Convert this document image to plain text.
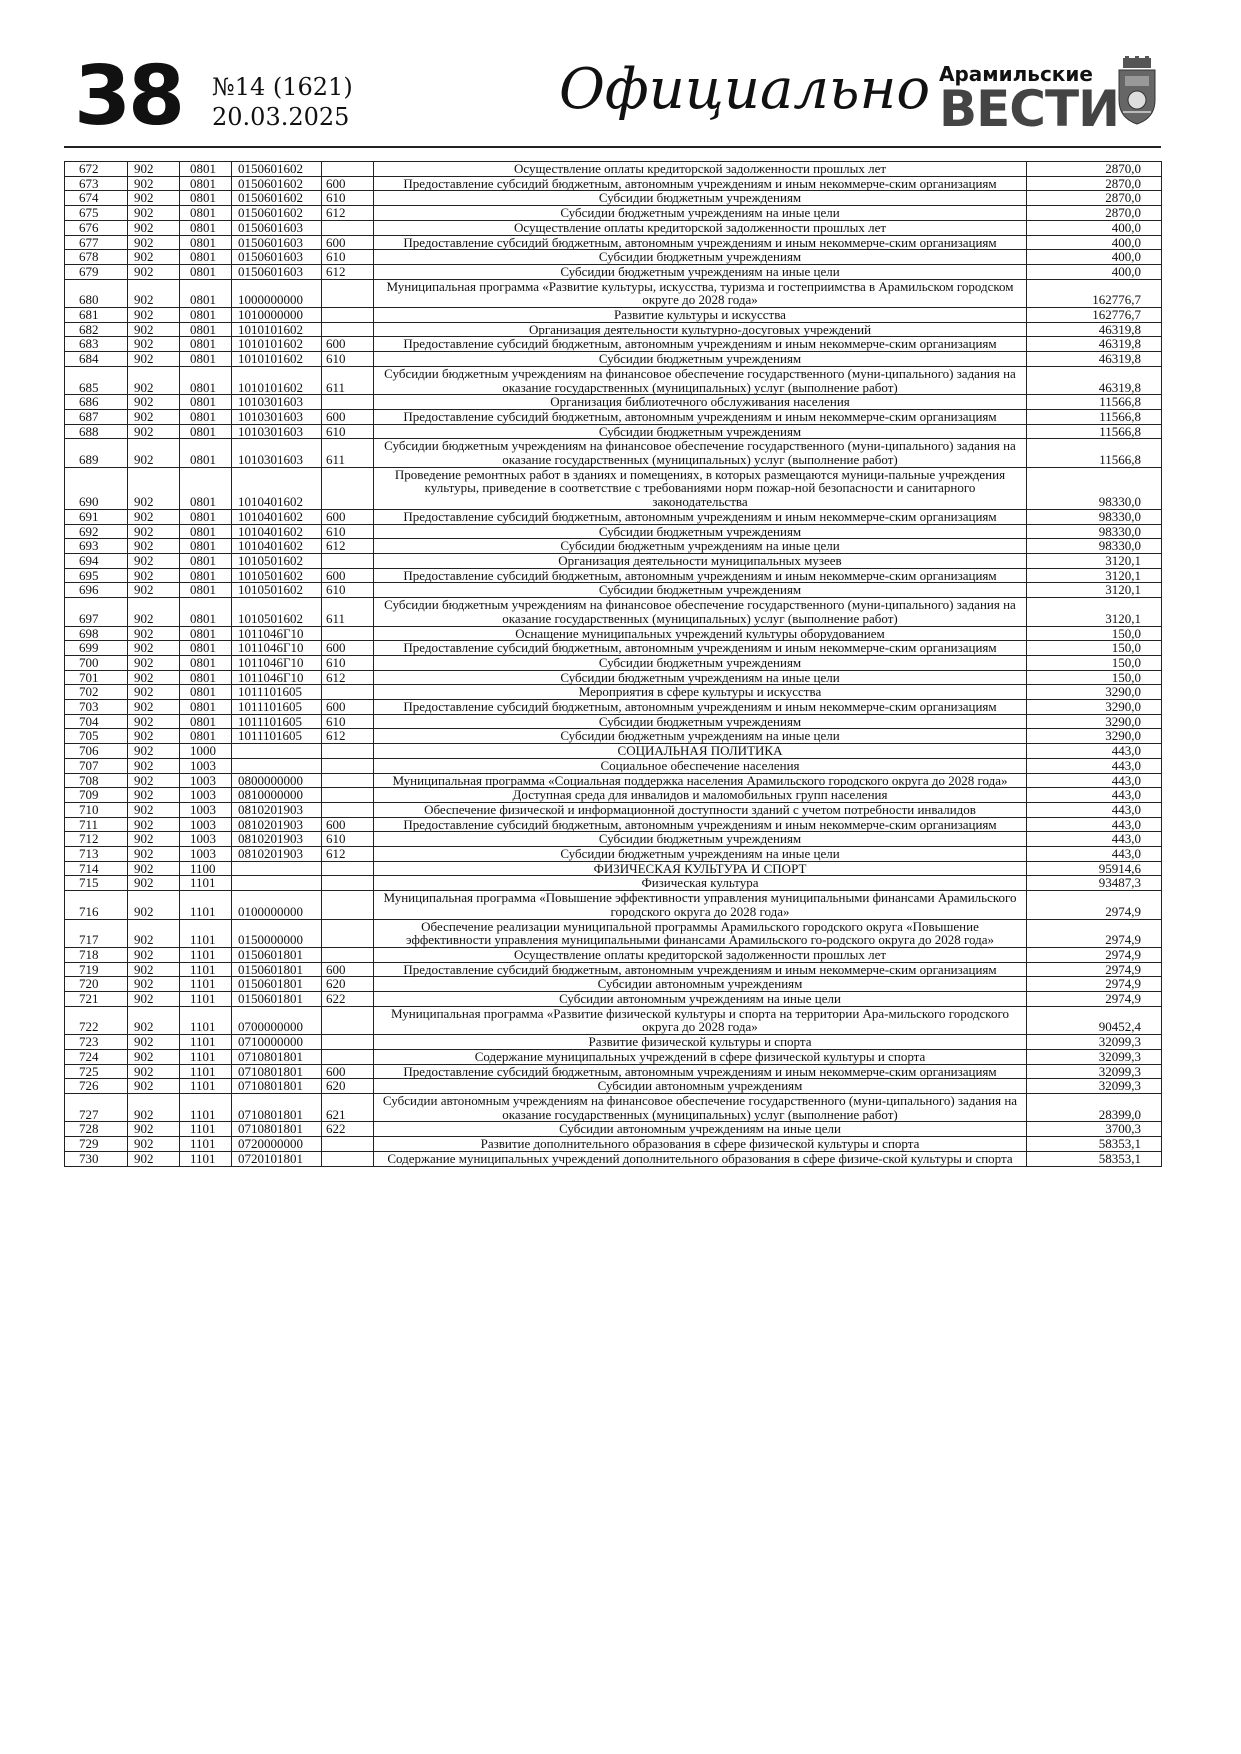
38 №14 (1621)
20.03.2025	Официально Арамильские
ВЕСТИ
672	902	0801	0150601602		Осуществление оплаты кредиторской задолженности прошлых лет	2870,0
673	902	0801	0150601602	600	Предоставление субсидий бюджетным, автономным учреждениям и иным некоммерче-ским организациям	2870,0
674	902	0801	0150601602	610	Субсидии бюджетным учреждениям	2870,0
675	902	0801	0150601602	612	Субсидии бюджетным учреждениям на иные цели	2870,0
676	902	0801	0150601603		Осуществление оплаты кредиторской задолженности прошлых лет	400,0
677	902	0801	0150601603	600	Предоставление субсидий бюджетным, автономным учреждениям и иным некоммерче-ским организациям	400,0
678	902	0801	0150601603	610	Субсидии бюджетным учреждениям	400,0
679	902	0801	0150601603	612	Субсидии бюджетным учреждениям на иные цели	400,0
680	902	0801	1000000000		Муниципальная программа «Развитие культуры, искусства, туризма и гостеприимства в Арамильском городском округе до 2028 года»	162776,7
681	902	0801	1010000000		Развитие культуры и искусства	162776,7
682	902	0801	1010101602		Организация деятельности культурно-досуговых учреждений	46319,8
683	902	0801	1010101602	600	Предоставление субсидий бюджетным, автономным учреждениям и иным некоммерче-ским организациям	46319,8
684	902	0801	1010101602	610	Субсидии бюджетным учреждениям	46319,8
685	902	0801	1010101602	611	Субсидии бюджетным учреждениям на финансовое обеспечение государственного (муни-ципального) задания на оказание государственных (муниципальных) услуг (выполнение работ)	46319,8
686	902	0801	1010301603		Организация библиотечного обслуживания населения	11566,8
687	902	0801	1010301603	600	Предоставление субсидий бюджетным, автономным учреждениям и иным некоммерче-ским организациям	11566,8
688	902	0801	1010301603	610	Субсидии бюджетным учреждениям	11566,8
689	902	0801	1010301603	611	Субсидии бюджетным учреждениям на финансовое обеспечение государственного (муни-ципального) задания на оказание государственных (муниципальных) услуг (выполнение работ)	11566,8
690	902	0801	1010401602		Проведение ремонтных работ в зданиях и помещениях, в которых размещаются муници-пальные учреждения культуры, приведение в соответствие с требованиями норм пожар-ной безопасности и санитарного законодательства	98330,0
691	902	0801	1010401602	600	Предоставление субсидий бюджетным, автономным учреждениям и иным некоммерче-ским организациям	98330,0
692	902	0801	1010401602	610	Субсидии бюджетным учреждениям	98330,0
693	902	0801	1010401602	612	Субсидии бюджетным учреждениям на иные цели	98330,0
694	902	0801	1010501602		Организация деятельности муниципальных музеев	3120,1
695	902	0801	1010501602	600	Предоставление субсидий бюджетным, автономным учреждениям и иным некоммерче-ским организациям	3120,1
696	902	0801	1010501602	610	Субсидии бюджетным учреждениям	3120,1
697	902	0801	1010501602	611	Субсидии бюджетным учреждениям на финансовое обеспечение государственного (муни-ципального) задания на оказание государственных (муниципальных) услуг (выполнение работ)	3120,1
698	902	0801	1011046Г10		Оснащение муниципальных учреждений культуры оборудованием	150,0
699	902	0801	1011046Г10	600	Предоставление субсидий бюджетным, автономным учреждениям и иным некоммерче-ским организациям	150,0
700	902	0801	1011046Г10	610	Субсидии бюджетным учреждениям	150,0
701	902	0801	1011046Г10	612	Субсидии бюджетным учреждениям на иные цели	150,0
702	902	0801	1011101605		Мероприятия в сфере культуры и искусства	3290,0
703	902	0801	1011101605	600	Предоставление субсидий бюджетным, автономным учреждениям и иным некоммерче-ским организациям	3290,0
704	902	0801	1011101605	610	Субсидии бюджетным учреждениям	3290,0
705	902	0801	1011101605	612	Субсидии бюджетным учреждениям на иные цели	3290,0
706	902	1000			СОЦИАЛЬНАЯ ПОЛИТИКА	443,0
707	902	1003			Социальное обеспечение населения	443,0
708	902	1003	0800000000		Муниципальная программа «Социальная поддержка населения Арамильского городского округа до 2028 года»	443,0
709	902	1003	0810000000		Доступная среда для инвалидов и маломобильных групп населения	443,0
710	902	1003	0810201903		Обеспечение физической и информационной доступности зданий с учетом потребности инвалидов	443,0
711	902	1003	0810201903	600	Предоставление субсидий бюджетным, автономным учреждениям и иным некоммерче-ским организациям	443,0
712	902	1003	0810201903	610	Субсидии бюджетным учреждениям	443,0
713	902	1003	0810201903	612	Субсидии бюджетным учреждениям на иные цели	443,0
714	902	1100			ФИЗИЧЕСКАЯ КУЛЬТУРА И СПОРТ	95914,6
715	902	1101			Физическая культура	93487,3
716	902	1101	0100000000		Муниципальная программа «Повышение эффективности управления муниципальными финансами Арамильского городского округа до 2028 года»	2974,9
717	902	1101	0150000000		Обеспечение реализации муниципальной программы Арамильского городского округа «Повышение эффективности управления муниципальными финансами Арамильского го-родского округа до 2028 года»	2974,9
718	902	1101	0150601801		Осуществление оплаты кредиторской задолженности прошлых лет	2974,9
719	902	1101	0150601801	600	Предоставление субсидий бюджетным, автономным учреждениям и иным некоммерче-ским организациям	2974,9
720	902	1101	0150601801	620	Субсидии автономным учреждениям	2974,9
721	902	1101	0150601801	622	Субсидии автономным учреждениям на иные цели	2974,9
722	902	1101	0700000000		Муниципальная программа «Развитие физической культуры и спорта на территории Ара-мильского городского округа до 2028 года»	90452,4
723	902	1101	0710000000		Развитие физической культуры и спорта	32099,3
724	902	1101	0710801801		Содержание муниципальных учреждений в сфере физической культуры и спорта	32099,3
725	902	1101	0710801801	600	Предоставление субсидий бюджетным, автономным учреждениям и иным некоммерче-ским организациям	32099,3
726	902	1101	0710801801	620	Субсидии автономным учреждениям	32099,3
727	902	1101	0710801801	621	Субсидии автономным учреждениям на финансовое обеспечение государственного (муни-ципального) задания на оказание государственных (муниципальных) услуг (выполнение работ)	28399,0
728	902	1101	0710801801	622	Субсидии автономным учреждениям на иные цели	3700,3
729	902	1101	0720000000		Развитие дополнительного образования в сфере физической культуры и спорта	58353,1
730	902	1101	0720101801		Содержание муниципальных учреждений дополнительного образования в сфере физиче-ской культуры и спорта	58353,1
